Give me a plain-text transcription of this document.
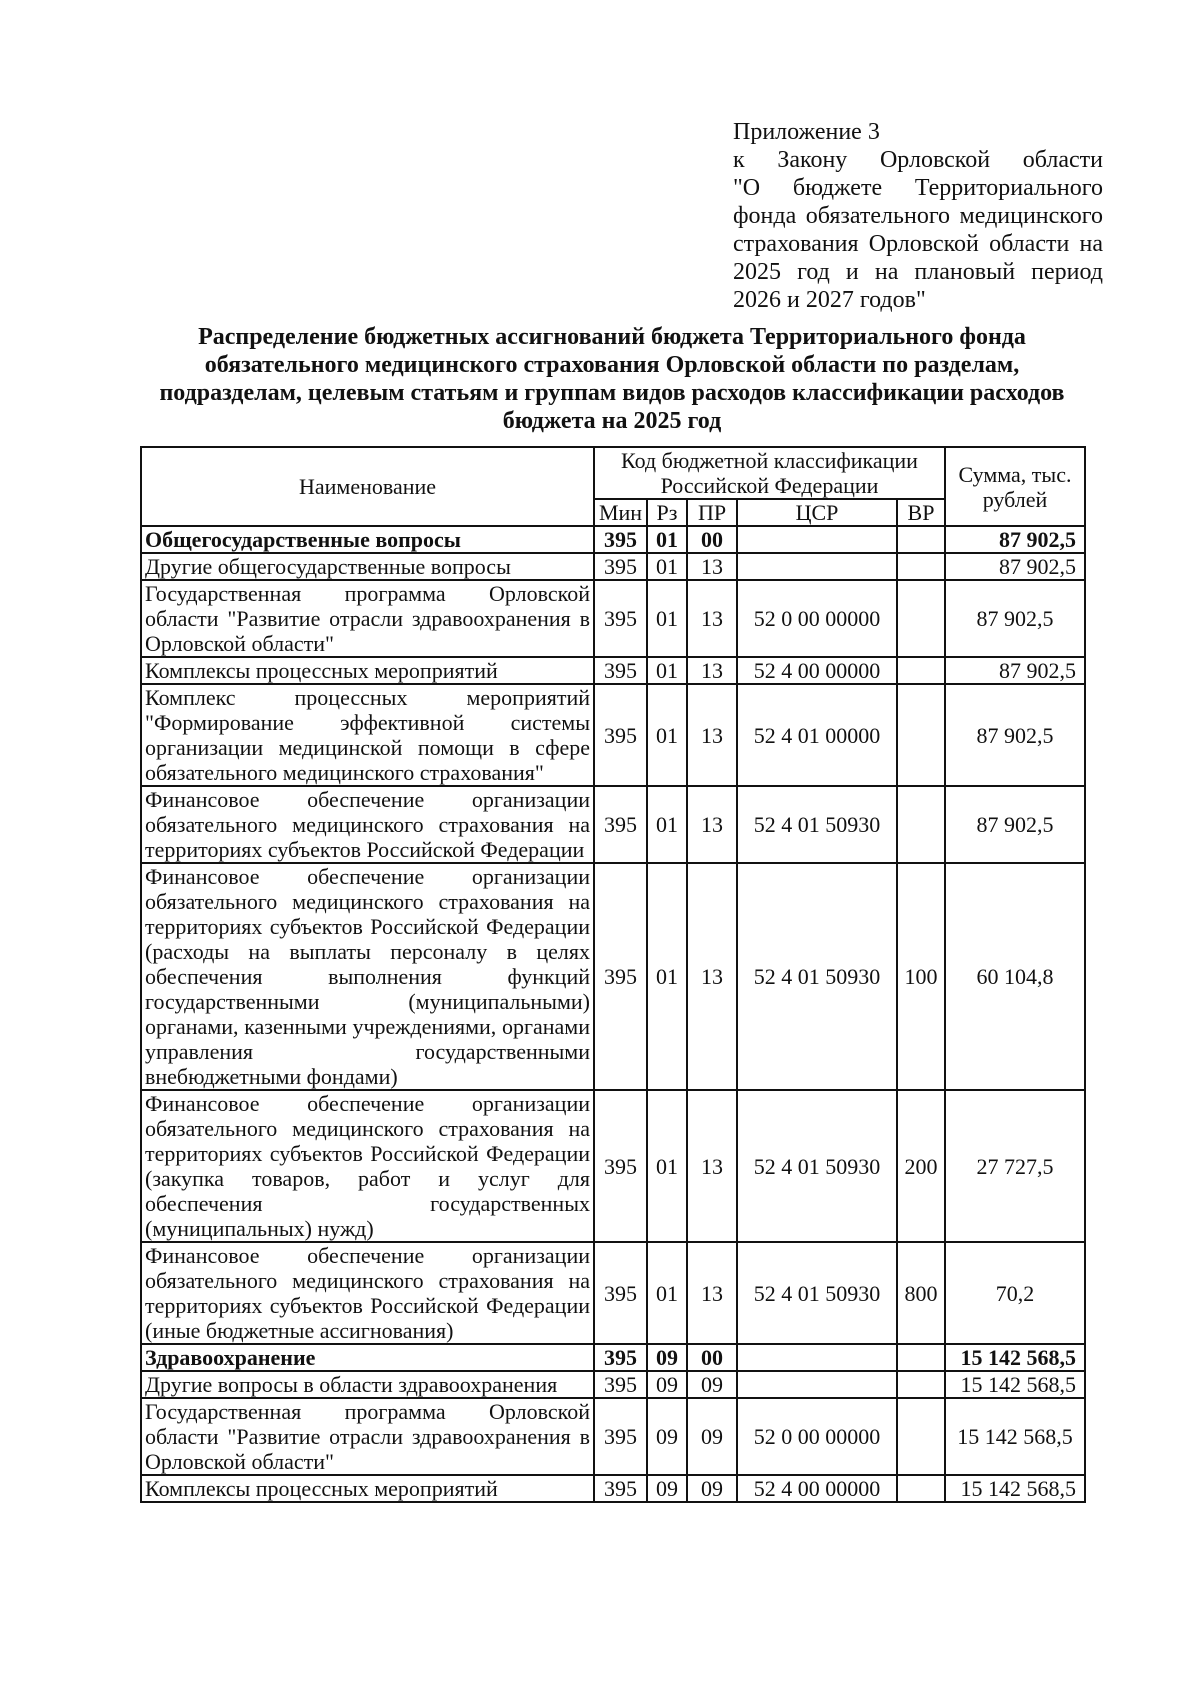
Приложение 3

к Закону Орловской области

"О бюджете Территориального фонда обязательного медицинского страхования Орловской области на 2025 год и на плановый период 2026 и 2027 годов"

Распределение бюджетных ассигнований бюджета Территориального фонда
обязательного медицинского страхования Орловской области по разделам,
подразделам, целевым статьям и группам видов расходов классификации расходов
бюджета на 2025 год
Наименование	Код бюджетной классификации Российской Федерации					Сумма, тыс. рублей
	Мин	Рз	ПР	ЦСР	ВР	
Общегосударственные вопросы	395	01	00			87 902,5
Другие общегосударственные вопросы	395	01	13			87 902,5
Государственная программа Орловской области "Развитие отрасли здравоохранения в Орловской области"	395	01	13	52 0 00 00000		87 902,5
Комплексы процессных мероприятий	395	01	13	52 4 00 00000		87 902,5
Комплекс процессных мероприятий "Формирование эффективной системы организации медицинской помощи в сфере обязательного медицинского страхования"	395	01	13	52 4 01 00000		87 902,5
Финансовое обеспечение организации обязательного медицинского страхования на территориях субъектов Российской Федерации	395	01	13	52 4 01 50930		87 902,5
Финансовое обеспечение организации обязательного медицинского страхования на территориях субъектов Российской Федерации (расходы на выплаты персоналу в целях обеспечения выполнения функций государственными (муниципальными) органами, казенными учреждениями, органами управления государственными внебюджетными фондами)	395	01	13	52 4 01 50930	100	60 104,8
Финансовое обеспечение организации обязательного медицинского страхования на территориях субъектов Российской Федерации (закупка товаров, работ и услуг для обеспечения государственных (муниципальных) нужд)	395	01	13	52 4 01 50930	200	27 727,5
Финансовое обеспечение организации обязательного медицинского страхования на территориях субъектов Российской Федерации (иные бюджетные ассигнования)	395	01	13	52 4 01 50930	800	70,2
Здравоохранение	395	09	00			15 142 568,5
Другие вопросы в области здравоохранения	395	09	09			15 142 568,5
Государственная программа Орловской области "Развитие отрасли здравоохранения в Орловской области"	395	09	09	52 0 00 00000		15 142 568,5
Комплексы процессных мероприятий	395	09	09	52 4 00 00000		15 142 568,5
